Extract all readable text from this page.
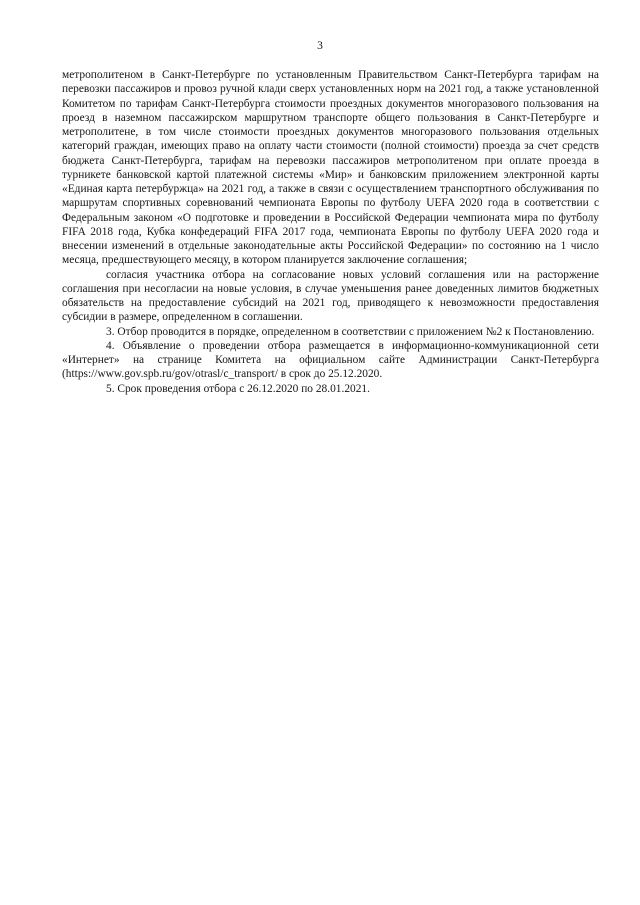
3

метрополитеном в Санкт-Петербурге по установленным Правительством Санкт-Петербурга тарифам на перевозки пассажиров и провоз ручной клади сверх установленных норм на 2021 год, а также установленной Комитетом по тарифам Санкт-Петербурга стоимости проездных документов многоразового пользования на проезд в наземном пассажирском маршрутном транспорте общего пользования в Санкт-Петербурге и метрополитене, в том числе стоимости проездных документов многоразового пользования отдельных категорий граждан, имеющих право на оплату части стоимости (полной стоимости) проезда за счет средств бюджета Санкт-Петербурга, тарифам на перевозки пассажиров метрополитеном при оплате проезда в турникете банковской картой платежной системы «Мир» и банковским приложением электронной карты «Единая карта петербуржца» на 2021 год, а также в связи с осуществлением транспортного обслуживания по маршрутам спортивных соревнований чемпионата Европы по футболу UEFA 2020 года в соответствии с Федеральным законом «О подготовке и проведении в Российской Федерации чемпионата мира по футболу FIFA 2018 года, Кубка конфедераций FIFA 2017 года, чемпионата Европы по футболу UEFA 2020 года и внесении изменений в отдельные законодательные акты Российской Федерации» по состоянию на 1 число месяца, предшествующего месяцу, в котором планируется заключение соглашения;

согласия участника отбора на согласование новых условий соглашения или на расторжение соглашения при несогласии на новые условия, в случае уменьшения ранее доведенных лимитов бюджетных обязательств на предоставление субсидий на 2021 год, приводящего к невозможности предоставления субсидии в размере, определенном в соглашении.

3. Отбор проводится в порядке, определенном в соответствии с приложением №2 к Постановлению.

4. Объявление о проведении отбора размещается в информационно-коммуникационной сети «Интернет» на странице Комитета на официальном сайте Администрации Санкт-Петербурга (https://www.gov.spb.ru/gov/otrasl/c_transport/ в срок до 25.12.2020.

5. Срок проведения отбора с 26.12.2020 по 28.01.2021.
